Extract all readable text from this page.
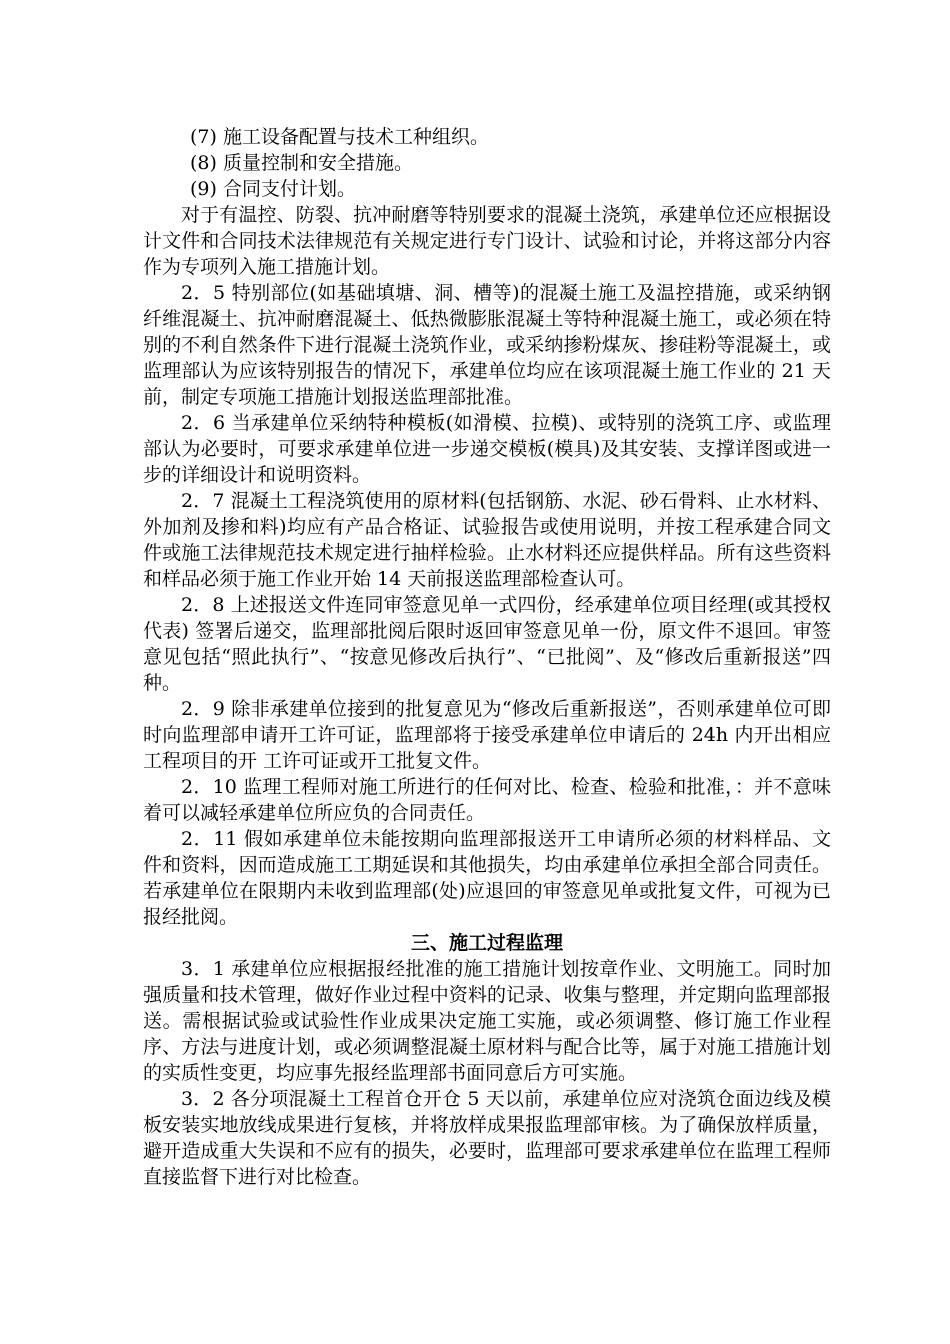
(7) 施工设备配置与技术工种组织。

(8) 质量控制和安全措施。

(9) 合同支付计划。

对于有温控、防裂、抗冲耐磨等特别要求的混凝土浇筑，承建单位还应根据设计文件和合同技术法律规范有关规定进行专门设计、试验和讨论，并将这部分内容作为专项列入施工措施计划。

2．5 特别部位(如基础填塘、洞、槽等)的混凝土施工及温控措施，或采纳钢纤维混凝土、抗冲耐磨混凝土、低热微膨胀混凝土等特种混凝土施工，或必须在特别的不利自然条件下进行混凝土浇筑作业，或采纳掺粉煤灰、掺硅粉等混凝土，或监理部认为应该特别报告的情况下，承建单位均应在该项混凝土施工作业的 21 天前，制定专项施工措施计划报送监理部批准。

2．6 当承建单位采纳特种模板(如滑模、拉模)、或特别的浇筑工序、或监理部认为必要时，可要求承建单位进一步递交模板(模具)及其安装、支撑详图或进一步的详细设计和说明资料。

2．7 混凝土工程浇筑使用的原材料(包括钢筋、水泥、砂石骨料、止水材料、外加剂及掺和料)均应有产品合格证、试验报告或使用说明，并按工程承建合同文件或施工法律规范技术规定进行抽样检验。止水材料还应提供样品。所有这些资料和样品必须于施工作业开始 14 天前报送监理部检查认可。

2．8 上述报送文件连同审签意见单一式四份，经承建单位项目经理(或其授权代表) 签署后递交，监理部批阅后限时返回审签意见单一份，原文件不退回。审签意见包括“照此执行”、“按意见修改后执行”、“已批阅”、及“修改后重新报送”四种。

2．9 除非承建单位接到的批复意见为“修改后重新报送”，否则承建单位可即时向监理部申请开工许可证，监理部将于接受承建单位申请后的 24h 内开出相应工程项目的开 工许可证或开工批复文件。

2．10 监理工程师对施工所进行的任何对比、检查、检验和批准，：并不意味着可以减轻承建单位所应负的合同责任。

2．11 假如承建单位未能按期向监理部报送开工申请所必须的材料样品、文件和资料，因而造成施工工期延误和其他损失，均由承建单位承担全部合同责任。 若承建单位在限期内未收到监理部(处)应退回的审签意见单或批复文件，可视为已报经批阅。

三、施工过程监理

3．1 承建单位应根据报经批准的施工措施计划按章作业、文明施工。同时加强质量和技术管理，做好作业过程中资料的记录、收集与整理，并定期向监理部报送。需根据试验或试验性作业成果决定施工实施，或必须调整、修订施工作业程序、方法与进度计划，或必须调整混凝土原材料与配合比等，属于对施工措施计划的实质性变更，均应事先报经监理部书面同意后方可实施。

3．2 各分项混凝土工程首仓开仓 5 天以前，承建单位应对浇筑仓面边线及模板安装实地放线成果进行复核，并将放样成果报监理部审核。为了确保放样质量，避开造成重大失误和不应有的损失，必要时，监理部可要求承建单位在监理工程师直接监督下进行对比检查。
